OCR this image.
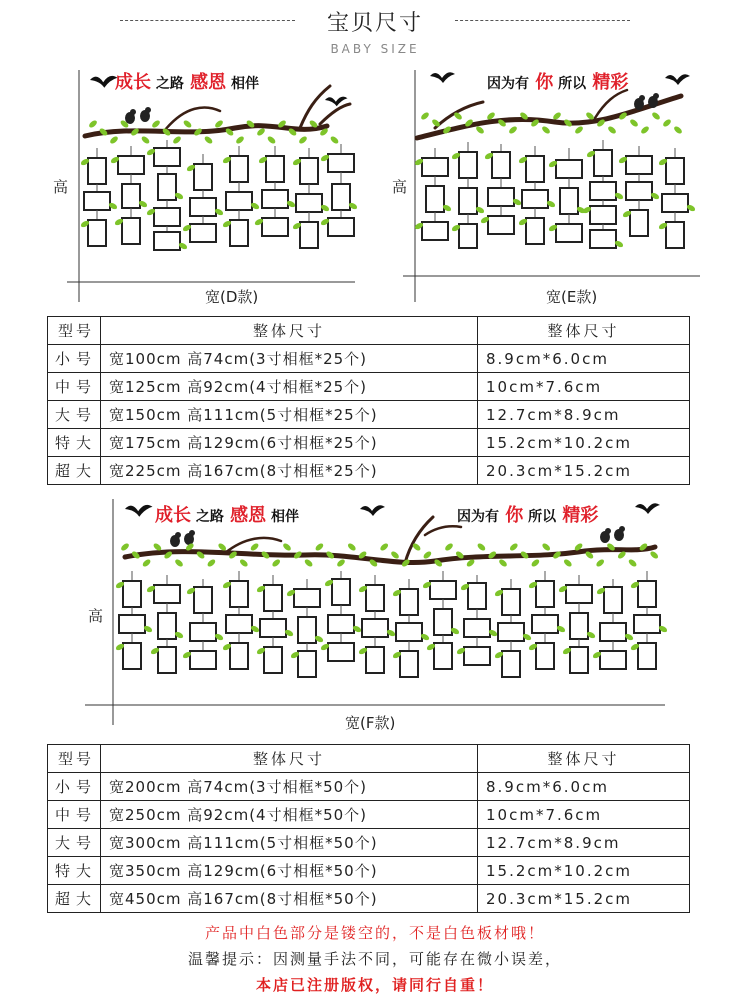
宝贝尺寸
BABY SIZE
成长 之路 感恩 相伴
高
宽(D款)
因为有 你 所以 精彩
高
宽(E款)
型号	整体尺寸	整体尺寸
小号	宽100cm 高74cm(3寸相框*25个)	8.9cm*6.0cm
中号	宽125cm 高92cm(4寸相框*25个)	10cm*7.6cm
大号	宽150cm 高111cm(5寸相框*25个)	12.7cm*8.9cm
特大	宽175cm 高129cm(6寸相框*25个)	15.2cm*10.2cm
超大	宽225cm 高167cm(8寸相框*25个)	20.3cm*15.2cm
成长 之路 感恩 相伴	因为有 你 所以 精彩
高
宽(F款)
型号	整体尺寸	整体尺寸
小号	宽200cm 高74cm(3寸相框*50个)	8.9cm*6.0cm
中号	宽250cm 高92cm(4寸相框*50个)	10cm*7.6cm
大号	宽300cm 高111cm(5寸相框*50个)	12.7cm*8.9cm
特大	宽350cm 高129cm(6寸相框*50个)	15.2cm*10.2cm
超大	宽450cm 高167cm(8寸相框*50个)	20.3cm*15.2cm
产品中白色部分是镂空的，不是白色板材哦！
温馨提示：因测量手法不同，可能存在微小误差，
本店已注册版权，请同行自重！
